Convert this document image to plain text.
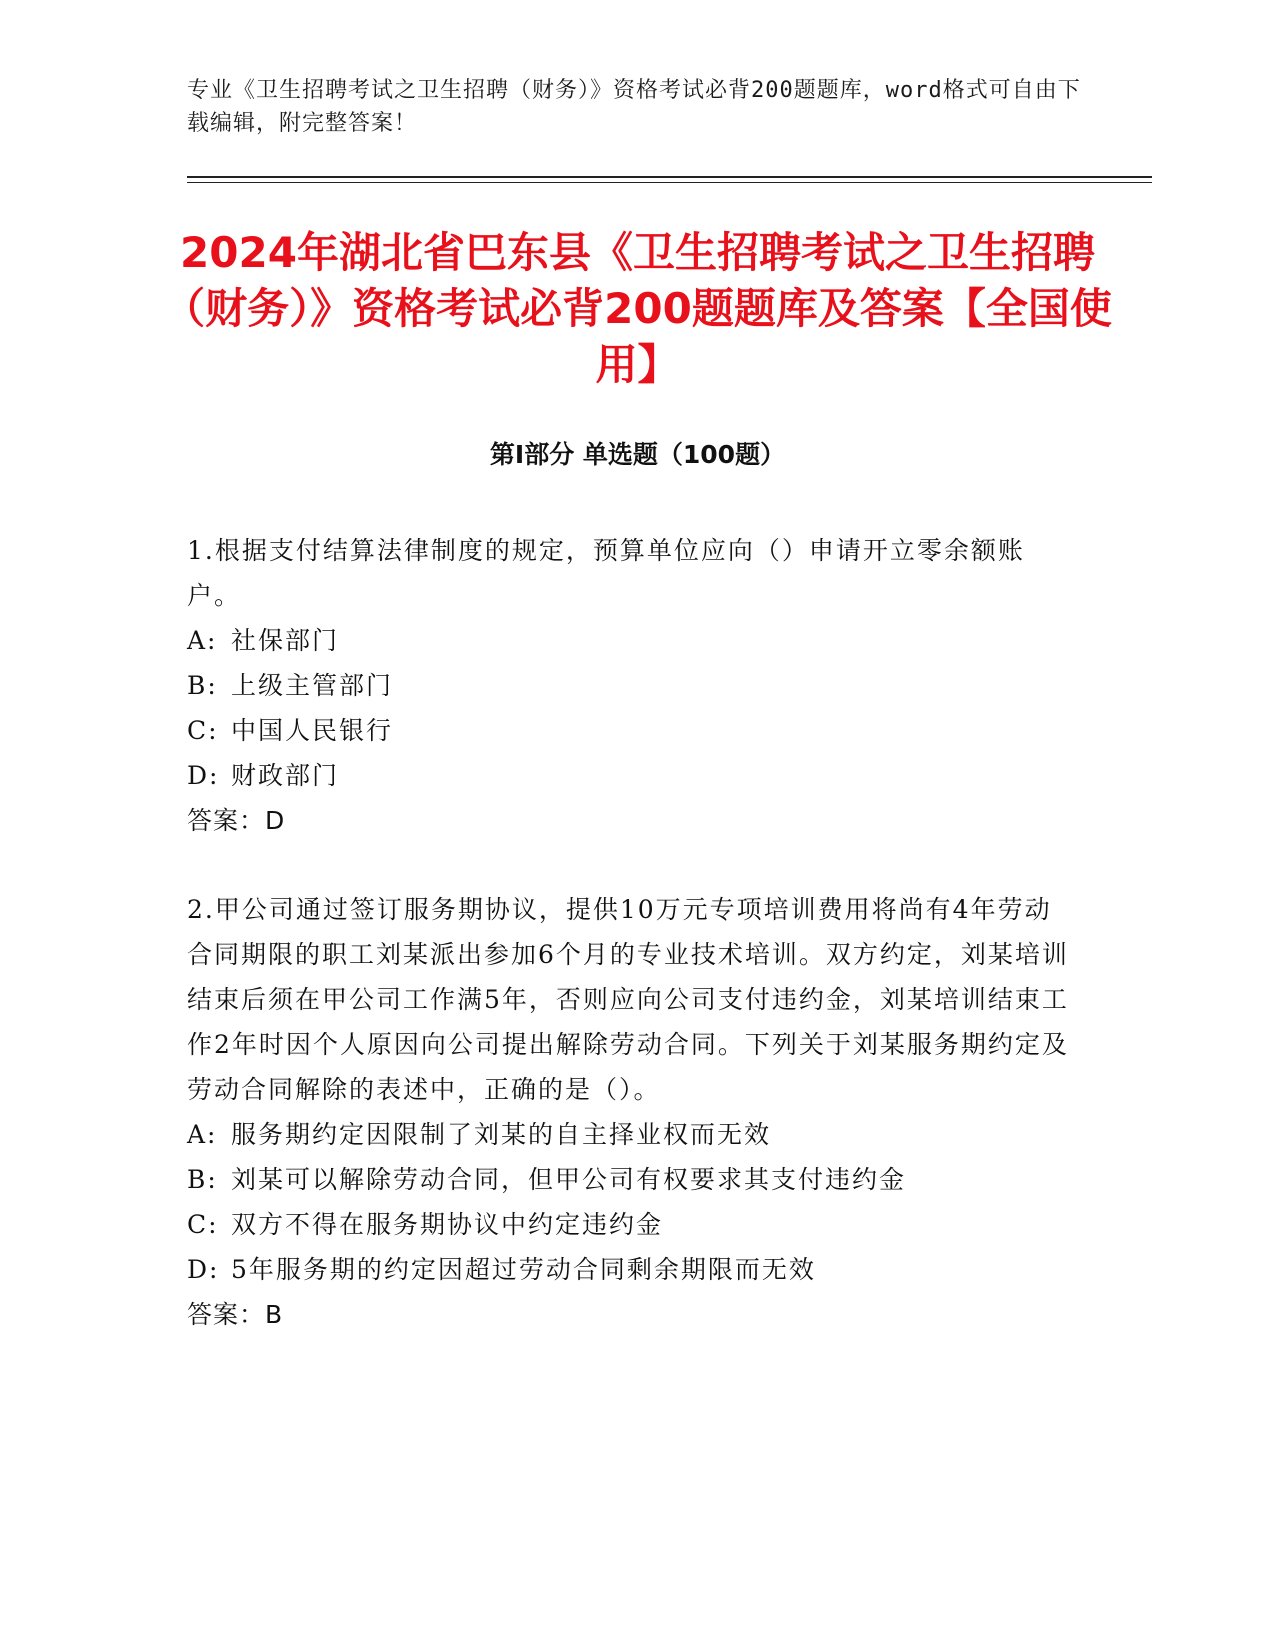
专业《卫生招聘考试之卫生招聘（财务）》资格考试必背200题题库，word格式可自由下载编辑，附完整答案！
2024年湖北省巴东县《卫生招聘考试之卫生招聘（财务）》资格考试必背200题题库及答案【全国使用】
第Ⅰ部分 单选题（100题）

1.根据支付结算法律制度的规定，预算单位应向（）申请开立零余额账户。

A: 社保部门

B: 上级主管部门

C: 中国人民银行

D: 财政部门

答案：D

2.甲公司通过签订服务期协议，提供10万元专项培训费用将尚有4年劳动合同期限的职工刘某派出参加6个月的专业技术培训。双方约定，刘某培训结束后须在甲公司工作满5年，否则应向公司支付违约金，刘某培训结束工作2年时因个人原因向公司提出解除劳动合同。下列关于刘某服务期约定及劳动合同解除的表述中，正确的是（）。

A: 服务期约定因限制了刘某的自主择业权而无效

B: 刘某可以解除劳动合同，但甲公司有权要求其支付违约金

C: 双方不得在服务期协议中约定违约金

D: 5年服务期的约定因超过劳动合同剩余期限而无效

答案：B
